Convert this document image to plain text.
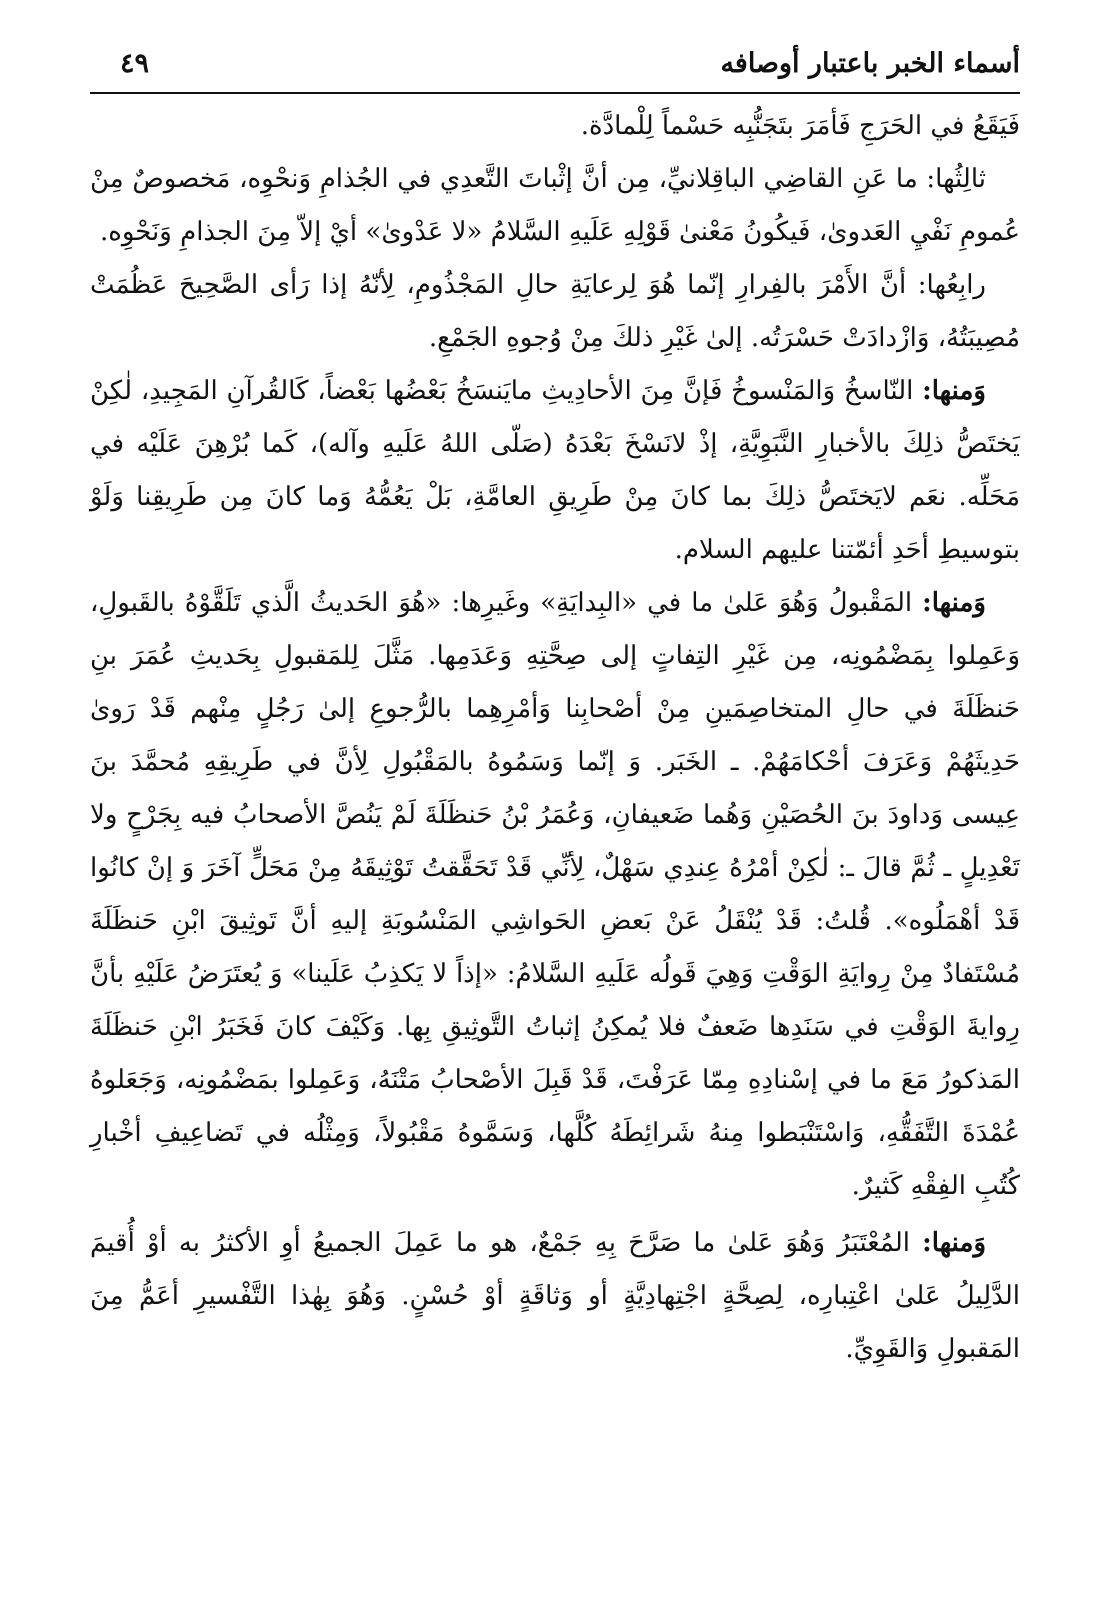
أسماء الخبر باعتبار أوصافه
٤٩

فَيَقَعُ في الحَرَجِ فَأمَرَ بتَجَنُّبِه حَسْماً لِلْمادَّة.

ثالِثُها: ما عَنِ القاضِي الباقِلانيِّ، مِن أنَّ إثْباتَ التَّعدِي في الجُذامِ وَنحْوِه، مَخصوصٌ مِنْ عُمومِ نَفْيِ العَدوىٰ، فَيكُونُ مَعْنىٰ قَوْلِهِ عَلَيهِ السَّلامُ «لا عَدْوىٰ» أيْ إلاّ مِنَ الجذامِ وَنَحْوِه.

رابِعُها: أنَّ الأَمْرَ بالفِرارِ إنّما هُوَ لِرعايَةِ حالِ المَجْذُومِ، لِأنّهُ إذا رَأى الصَّحِيحَ عَظُمَتْ مُصِيبَتُهُ، وَازْدادَتْ حَسْرَتُه. إلىٰ غَيْرِ ذلكَ مِنْ وُجوهِ الجَمْعِ.

وَمنها: النّاسخُ وَالمَنْسوخُ فَإنَّ مِنَ الأحادِيثِ مايَنسَخُ بَعْضُها بَعْضاً، كَالقُرآنِ المَجِيدِ، لٰكِنْ يَختَصُّ ذلِكَ بالأخبارِ النَّبَوِيَّةِ، إذْ لانَسْخَ بَعْدَهُ (صَلّى اللهُ عَلَيهِ وآله)، كَما بُرْهِنَ عَلَيْه في مَحَلِّه. نعَم لايَختَصُّ ذلِكَ بما كانَ مِنْ طَرِيقِ العامَّةِ، بَلْ يَعُمُّهُ وَما كانَ مِن طَرِيقِنا وَلَوْ بتوسيطِ أحَدِ أئمّتنا عليهم السلام.

وَمنها: المَقْبولُ وَهُوَ عَلىٰ ما في «البِدايَةِ» وغَيرِها: «هُوَ الحَديثُ الَّذي تَلَقَّوْهُ بالقَبولِ، وَعَمِلوا بِمَضْمُونِه، مِن غَيْرِ التِفاتٍ إلى صِحَّتِهِ وَعَدَمِها. مَثَّلَ لِلمَقبولِ بِحَديثِ عُمَرَ بنِ حَنظَلَةَ في حالِ المتخاصِمَينِ مِنْ أصْحابِنا وَأمْرِهِما بالرُّجوعِ إلىٰ رَجُلٍ مِنْهم قَدْ رَوىٰ حَدِيثَهُمْ وَعَرَفَ أحْكامَهُمْ. ـ الخَبَر. وَ إنّما وَسَمُوهُ بالمَقْبُولِ لِأنَّ في طَرِيقِهِ مُحمَّدَ بنَ عِيسى وَداودَ بنَ الحُصَيْنِ وَهُما ضَعيفانِ، وَعُمَرُ بْنُ حَنظَلَةَ لَمْ يَنُصَّ الأصحابُ فيه بِجَرْحٍ ولا تَعْدِيلٍ ـ ثُمَّ قالَ ـ: لٰكِنْ أمْرُهُ عِندِي سَهْلٌ، لِأنِّي قَدْ تَحَقَّقتُ تَوْثِيقَهُ مِنْ مَحَلٍّ آخَرَ وَ إنْ كانُوا قَدْ أهْمَلُوه». قُلتُ: قَدْ يُنْقَلُ عَنْ بَعضِ الحَواشِي المَنْسُوبَةِ إليهِ أنَّ تَوثِيقَ ابْنِ حَنظَلَةَ مُسْتَفادٌ مِنْ رِوايَةِ الوَقْتِ وَهِيَ قَولُه عَلَيهِ السَّلامُ: «إذاً لا يَكذِبُ عَلَينا» وَ يُعتَرَضُ عَلَيْهِ بأنَّ رِوايةَ الوَقْتِ في سَنَدِها ضَعفٌ فلا يُمكِنُ إثباتُ التَّوثِيقِ بِها. وَكَيْفَ كانَ فَخَبَرُ ابْنِ حَنظَلَةَ المَذكورُ مَعَ ما في إسْنادِهِ مِمّا عَرَفْتَ، قَدْ قَبِلَ الأصْحابُ مَتْنَهُ، وَعَمِلوا بمَضْمُونِه، وَجَعَلوهُ عُمْدَةَ التَّفَقُّهِ، وَاسْتَنْبَطوا مِنهُ شَرائِطَهُ كُلَّها، وَسَمَّوهُ مَقْبُولاً، وَمِثْلُه في تَضاعِيفِ أخْبارِ كُتُبِ الفِقْهِ كَثيرٌ.

وَمنها: المُعْتَبَرُ وَهُوَ عَلىٰ ما صَرَّحَ بِهِ جَمْعٌ، هو ما عَمِلَ الجميعُ أوِ الأكثرُ به أوْ أُقيمَ الدَّلِيلُ عَلىٰ اعْتِبارِه، لِصِحَّةٍ اجْتِهادِيَّةٍ أو وَثاقَةٍ أوْ حُسْنٍ. وَهُوَ بِهٰذا التَّفْسيرِ أعَمُّ مِنَ المَقبولِ وَالقَوِيِّ.
